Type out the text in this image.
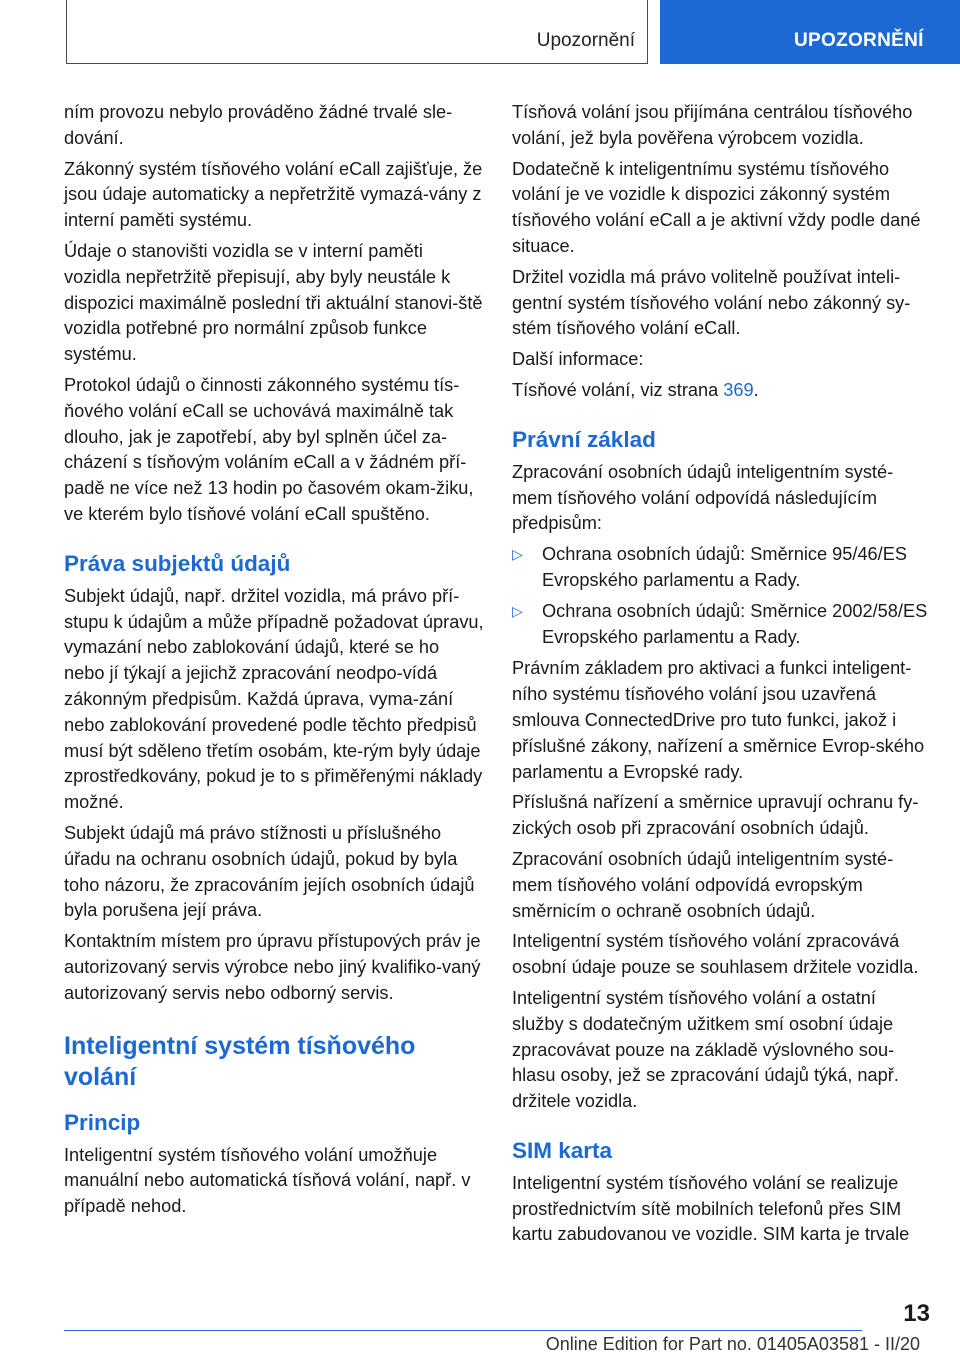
Upozornění	UPOZORNĚNÍ

ním provozu nebylo prováděno žádné trvalé sle-dování.

Zákonný systém tísňového volání eCall zajišťuje, že jsou údaje automaticky a nepřetržitě vymazá-vány z interní paměti systému.

Údaje o stanovišti vozidla se v interní paměti vozidla nepřetržitě přepisují, aby byly neustále k dispozici maximálně poslední tři aktuální stanovi-ště vozidla potřebné pro normální způsob funkce systému.

Protokol údajů o činnosti zákonného systému tís-ňového volání eCall se uchovává maximálně tak dlouho, jak je zapotřebí, aby byl splněn účel za-cházení s tísňovým voláním eCall a v žádném pří-padě ne více než 13 hodin po časovém okam-žiku, ve kterém bylo tísňové volání eCall spuštěno.

Práva subjektů údajů

Subjekt údajů, např. držitel vozidla, má právo pří-stupu k údajům a může případně požadovat úpravu, vymazání nebo zablokování údajů, které se ho nebo jí týkají a jejichž zpracování neodpo-vídá zákonným předpisům. Každá úprava, vyma-zání nebo zablokování provedené podle těchto předpisů musí být sděleno třetím osobám, kte-rým byly údaje zprostředkovány, pokud je to s přiměřenými náklady možné.

Subjekt údajů má právo stížnosti u příslušného úřadu na ochranu osobních údajů, pokud by byla toho názoru, že zpracováním jejích osobních údajů byla porušena její práva.

Kontaktním místem pro úpravu přístupových práv je autorizovaný servis výrobce nebo jiný kvalifiko-vaný autorizovaný servis nebo odborný servis.

Inteligentní systém tísňového volání
Princip

Inteligentní systém tísňového volání umožňuje manuální nebo automatická tísňová volání, např. v případě nehod.

Tísňová volání jsou přijímána centrálou tísňového volání, jež byla pověřena výrobcem vozidla.

Dodatečně k inteligentnímu systému tísňového volání je ve vozidle k dispozici zákonný systém tísňového volání eCall a je aktivní vždy podle dané situace.

Držitel vozidla má právo volitelně používat inteli-gentní systém tísňového volání nebo zákonný sy-stém tísňového volání eCall.

Další informace:

Tísňové volání, viz strana 369.

Právní základ

Zpracování osobních údajů inteligentním systé-mem tísňového volání odpovídá následujícím předpisům:

▷ Ochrana osobních údajů: Směrnice 95/46/ES Evropského parlamentu a Rady.
▷ Ochrana osobních údajů: Směrnice 2002/58/ES Evropského parlamentu a Rady.

Právním základem pro aktivaci a funkci inteligent-ního systému tísňového volání jsou uzavřená smlouva ConnectedDrive pro tuto funkci, jakož i příslušné zákony, nařízení a směrnice Evrop-ského parlamentu a Evropské rady.

Příslušná nařízení a směrnice upravují ochranu fy-zických osob při zpracování osobních údajů.

Zpracování osobních údajů inteligentním systé-mem tísňového volání odpovídá evropským směrnicím o ochraně osobních údajů.

Inteligentní systém tísňového volání zpracovává osobní údaje pouze se souhlasem držitele vozidla.

Inteligentní systém tísňového volání a ostatní služby s dodatečným užitkem smí osobní údaje zpracovávat pouze na základě výslovného sou-hlasu osoby, jež se zpracování údajů týká, např. držitele vozidla.

SIM karta

Inteligentní systém tísňového volání se realizuje prostřednictvím sítě mobilních telefonů přes SIM kartu zabudovanou ve vozidle. SIM karta je trvale

13
Online Edition for Part no. 01405A03581 - II/20
